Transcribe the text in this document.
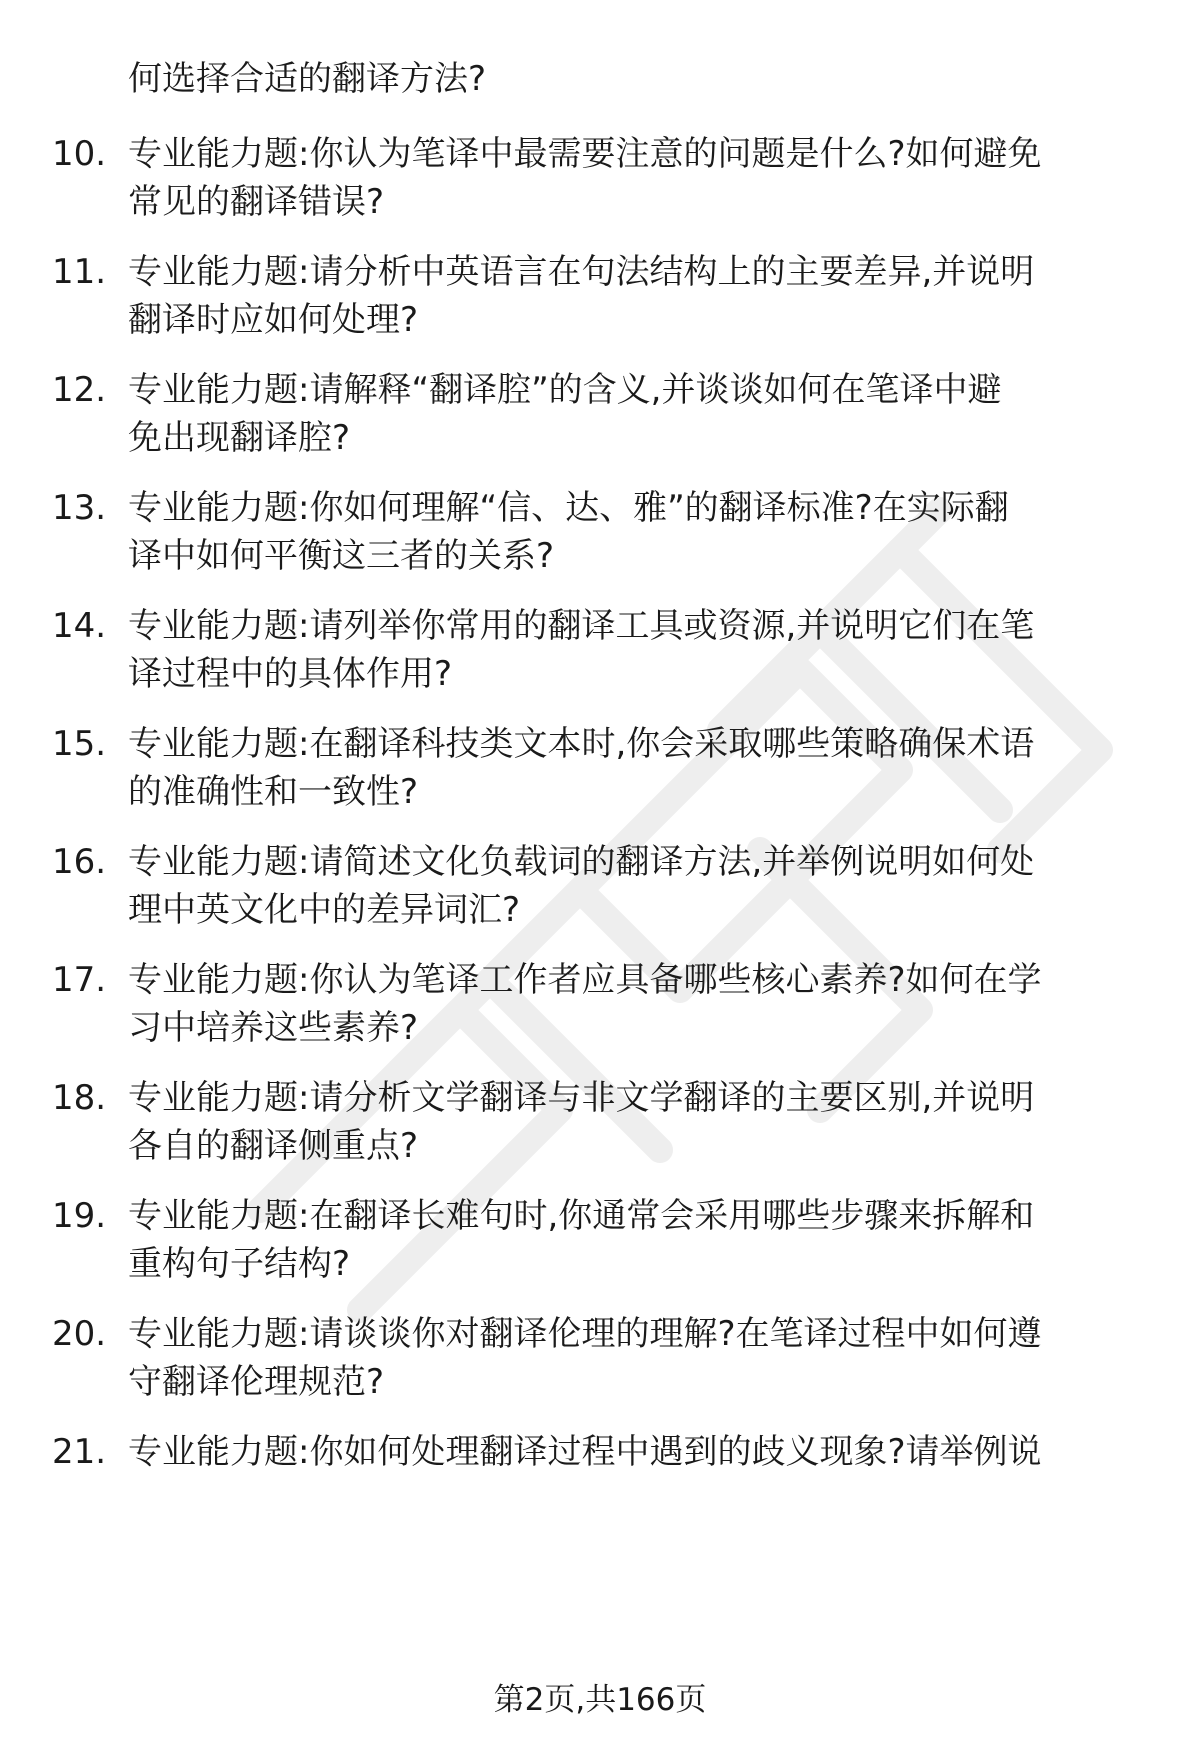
何选择合适的翻译方法?
10. 专业能力题:你认为笔译中最需要注意的问题是什么?如何避免
常见的翻译错误?
11. 专业能力题:请分析中英语言在句法结构上的主要差异,并说明
翻译时应如何处理?
12. 专业能力题:请解释“翻译腔”的含义,并谈谈如何在笔译中避
免出现翻译腔?
13. 专业能力题:你如何理解“信、达、雅”的翻译标准?在实际翻
译中如何平衡这三者的关系?
14. 专业能力题:请列举你常用的翻译工具或资源,并说明它们在笔
译过程中的具体作用?
15. 专业能力题:在翻译科技类文本时,你会采取哪些策略确保术语
的准确性和一致性?
16. 专业能力题:请简述文化负载词的翻译方法,并举例说明如何处
理中英文化中的差异词汇?
17. 专业能力题:你认为笔译工作者应具备哪些核心素养?如何在学
习中培养这些素养?
18. 专业能力题:请分析文学翻译与非文学翻译的主要区别,并说明
各自的翻译侧重点?
19. 专业能力题:在翻译长难句时,你通常会采用哪些步骤来拆解和
重构句子结构?
20. 专业能力题:请谈谈你对翻译伦理的理解?在笔译过程中如何遵
守翻译伦理规范?
21. 专业能力题:你如何处理翻译过程中遇到的歧义现象?请举例说
第2页,共166页
